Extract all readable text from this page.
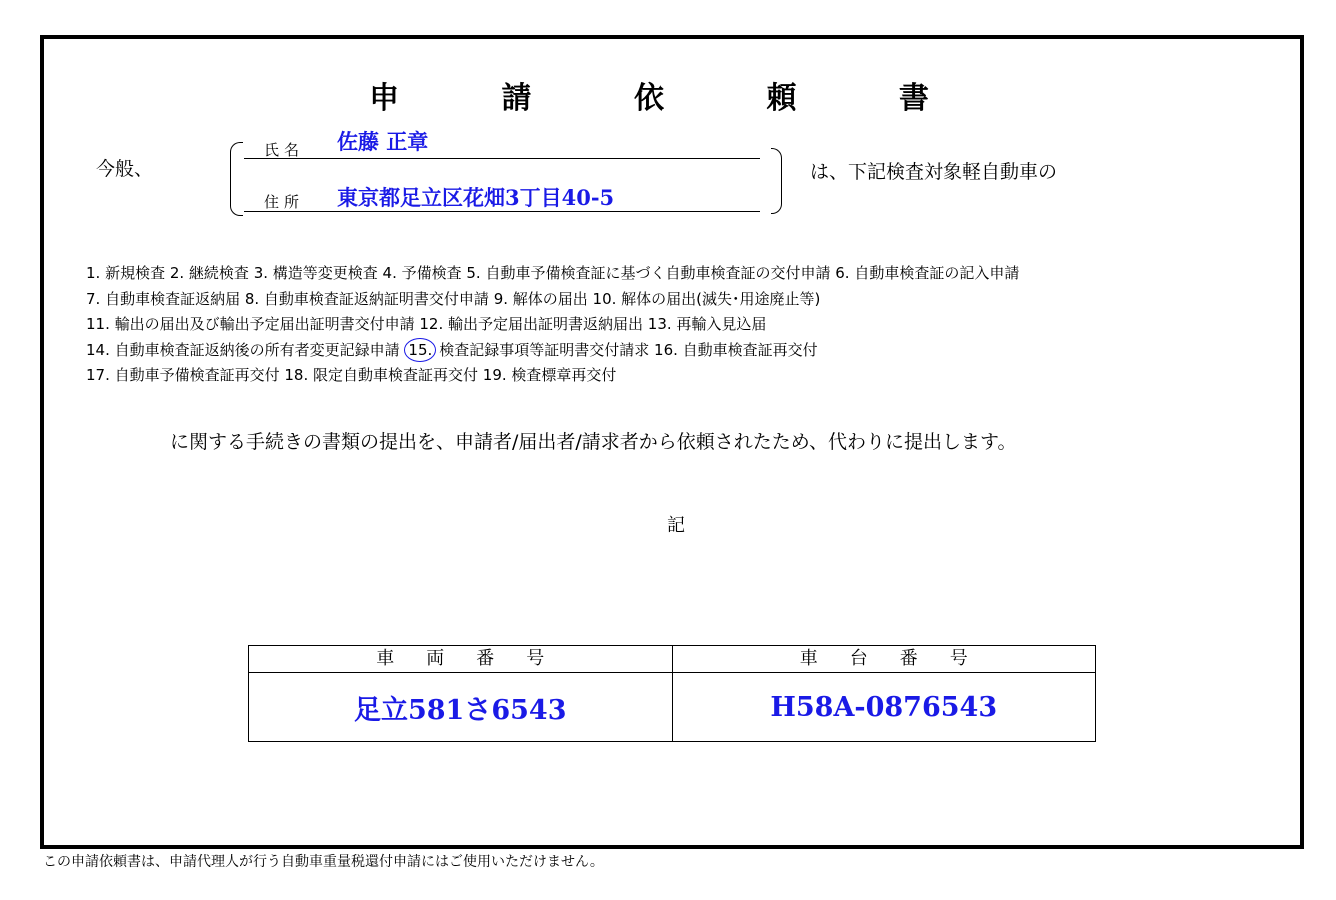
申 請 依 頼 書
今般、
氏名 佐藤 正章
住所 東京都足立区花畑3丁目40-5
は、下記検査対象軽自動車の
1. 新規検査 2. 継続検査 3. 構造等変更検査 4. 予備検査 5. 自動車予備検査証に基づく自動車検査証の交付申請 6. 自動車検査証の記入申請
7. 自動車検査証返納届 8. 自動車検査証返納証明書交付申請 9. 解体の届出 10. 解体の届出(滅失･用途廃止等)
11. 輸出の届出及び輸出予定届出証明書交付申請 12. 輸出予定届出証明書返納届出 13. 再輸入見込届
14. 自動車検査証返納後の所有者変更記録申請 15. 検査記録事項等証明書交付請求 16. 自動車検査証再交付
17. 自動車予備検査証再交付 18. 限定自動車検査証再交付 19. 検査標章再交付
に関する手続きの書類の提出を、申請者/届出者/請求者から依頼されたため、代わりに提出します。
記
車両番号	車台番号
足立581さ6543	H58A-0876543
この申請依頼書は、申請代理人が行う自動車重量税還付申請にはご使用いただけません。
